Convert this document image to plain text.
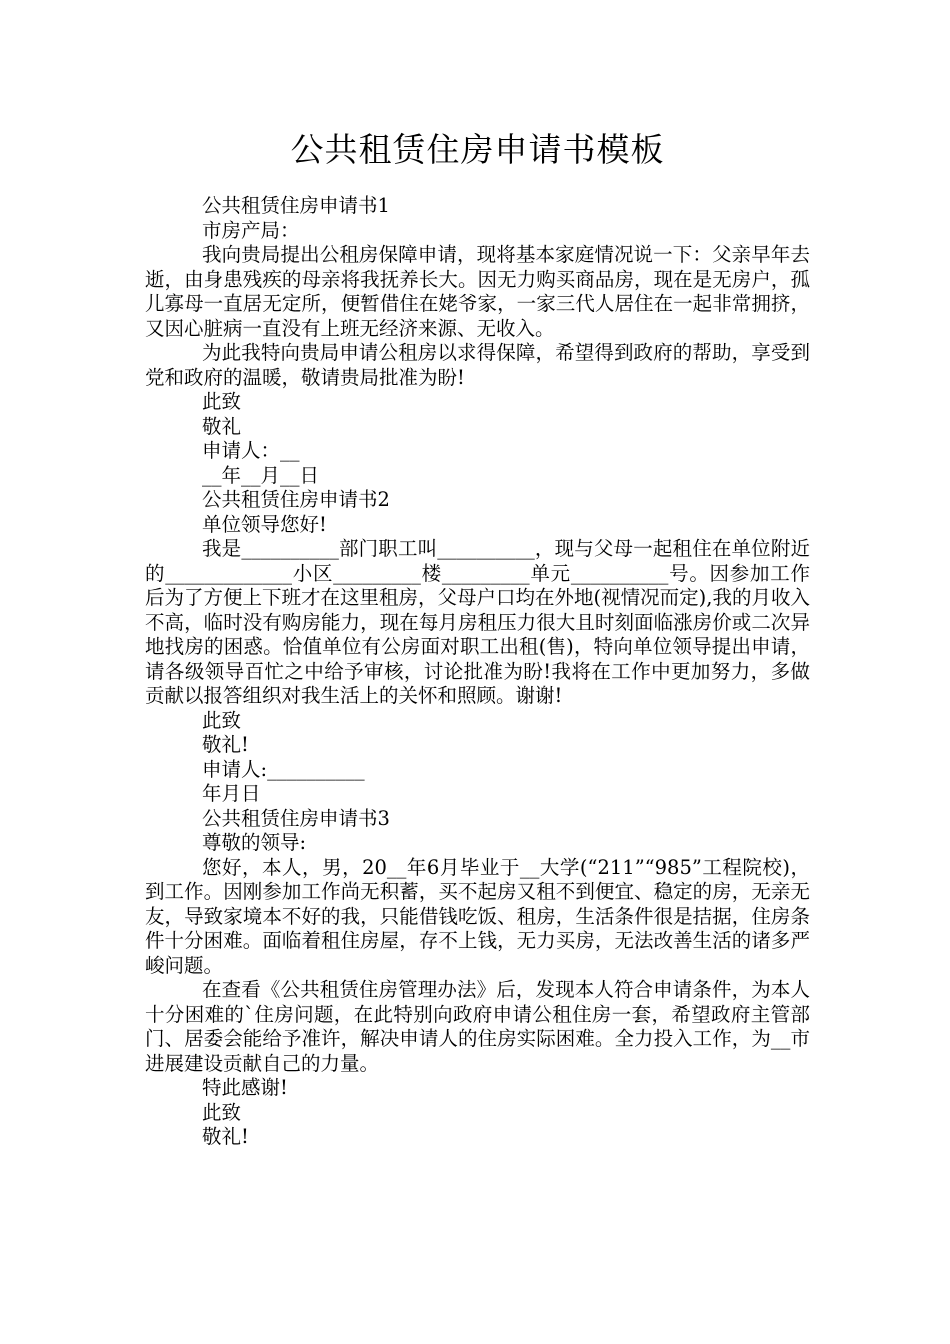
公共租赁住房申请书模板

公共租赁住房申请书1

市房产局：

我向贵局提出公租房保障申请，现将基本家庭情况说一下：父亲早年去逝，由身患残疾的母亲将我抚养长大。因无力购买商品房，现在是无房户，孤儿寡母一直居无定所，便暂借住在姥爷家，一家三代人居住在一起非常拥挤，又因心脏病一直没有上班无经济来源、无收入。

为此我特向贵局申请公租房以求得保障，希望得到政府的帮助，享受到党和政府的温暖，敬请贵局批准为盼!

此致

敬礼

申请人：__

__年__月__日

公共租赁住房申请书2

单位领导您好!

我是__________部门职工叫__________，现与父母一起租住在单位附近的_____________小区_________楼_________单元__________号。因参加工作后为了方便上下班才在这里租房，父母户口均在外地(视情况而定),我的月收入不高，临时没有购房能力，现在每月房租压力很大且时刻面临涨房价或二次异地找房的困惑。恰值单位有公房面对职工出租(售)，特向单位领导提出申请，请各级领导百忙之中给予审核，讨论批准为盼!我将在工作中更加努力，多做贡献以报答组织对我生活上的关怀和照顾。谢谢!

此致

敬礼!

申请人:__________

年月日

公共租赁住房申请书3

尊敬的领导:

您好，本人，男，20__年6月毕业于__大学(“211”“985”工程院校)，到工作。因刚参加工作尚无积蓄，买不起房又租不到便宜、稳定的房，无亲无友，导致家境本不好的我，只能借钱吃饭、租房，生活条件很是拮据，住房条件十分困难。面临着租住房屋，存不上钱，无力买房，无法改善生活的诸多严峻问题。

在查看《公共租赁住房管理办法》后，发现本人符合申请条件，为本人十分困难的`住房问题，在此特别向政府申请公租住房一套，希望政府主管部门、居委会能给予准许，解决申请人的住房实际困难。全力投入工作，为__市进展建设贡献自己的力量。

特此感谢!

此致

敬礼!
